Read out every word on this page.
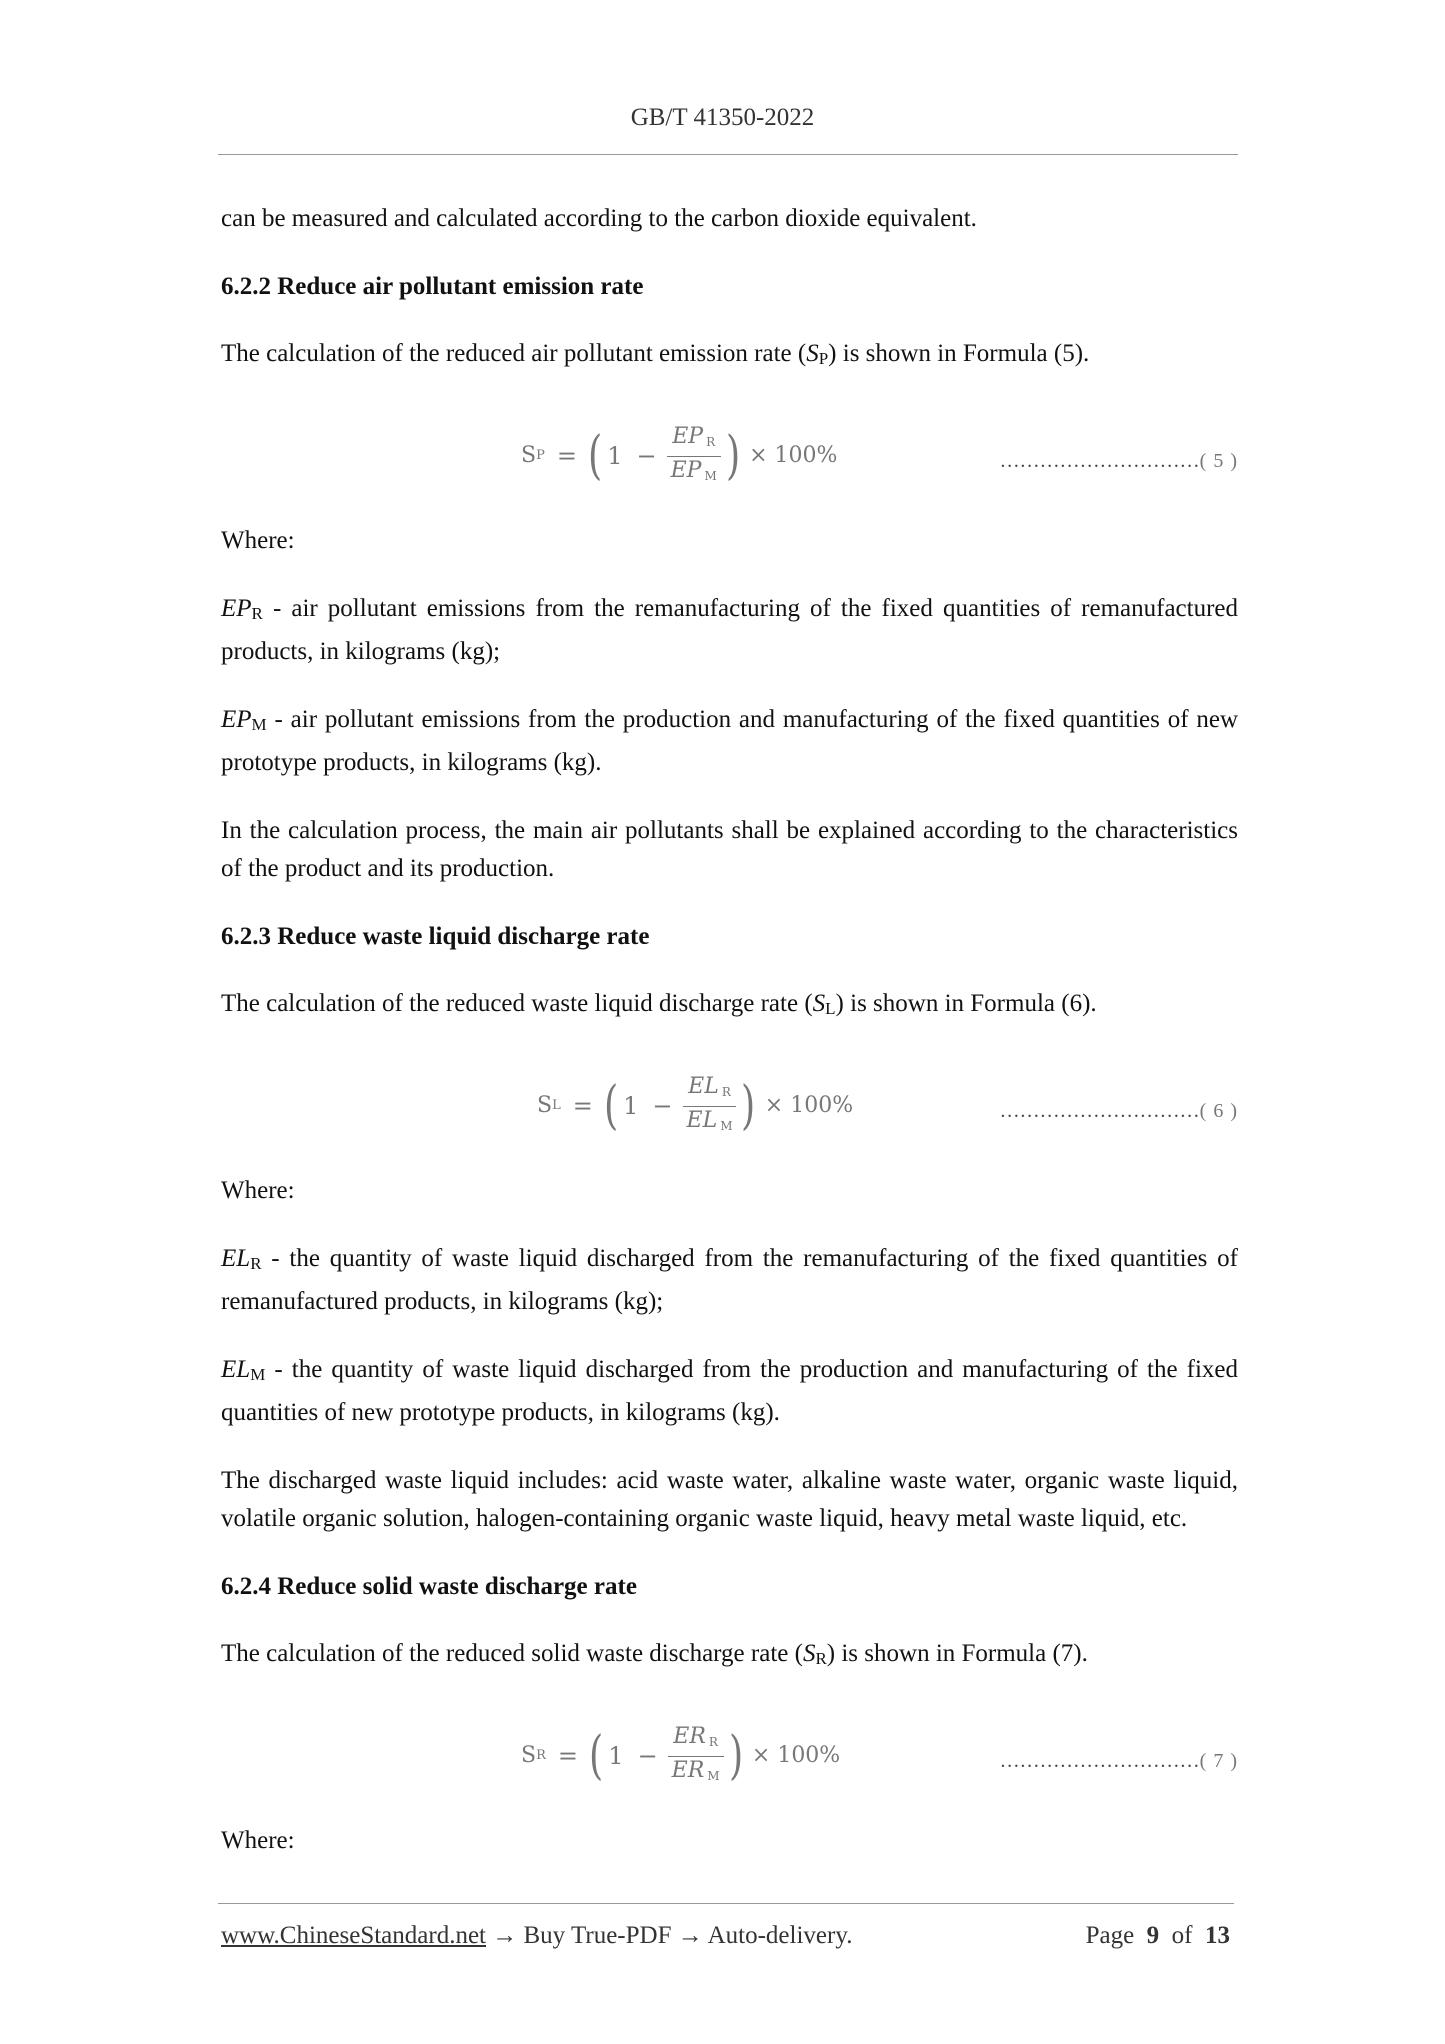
GB/T 41350-2022

can be measured and calculated according to the carbon dioxide equivalent.

6.2.2 Reduce air pollutant emission rate

The calculation of the reduced air pollutant emission rate (SP) is shown in Formula (5).

S P = ( $1 - \frac{\text{EP R}}{\text{EP M}}$ ) × 100%	…………………………( 5 )

Where:

EPR - air pollutant emissions from the remanufacturing of the fixed quantities of remanufactured products, in kilograms (kg);

EPM - air pollutant emissions from the production and manufacturing of the fixed quantities of new prototype products, in kilograms (kg).

In the calculation process, the main air pollutants shall be explained according to the characteristics of the product and its production.

6.2.3 Reduce waste liquid discharge rate

The calculation of the reduced waste liquid discharge rate (SL) is shown in Formula (6).

S L = ( $1 - \frac{\text{EL R}}{\text{EL M}}$ ) × 100%	…………………………( 6 )

Where:

ELR - the quantity of waste liquid discharged from the remanufacturing of the fixed quantities of remanufactured products, in kilograms (kg);

ELM - the quantity of waste liquid discharged from the production and manufacturing of the fixed quantities of new prototype products, in kilograms (kg).

The discharged waste liquid includes: acid waste water, alkaline waste water, organic waste liquid, volatile organic solution, halogen-containing organic waste liquid, heavy metal waste liquid, etc.

6.2.4 Reduce solid waste discharge rate

The calculation of the reduced solid waste discharge rate (SR) is shown in Formula (7).

S R = ( $1 - \frac{\text{ER R}}{\text{ER M}}$ ) × 100%	…………………………( 7 )

Where:

www.ChineseStandard.net → Buy True-PDF → Auto-delivery.	Page 9 of 13
